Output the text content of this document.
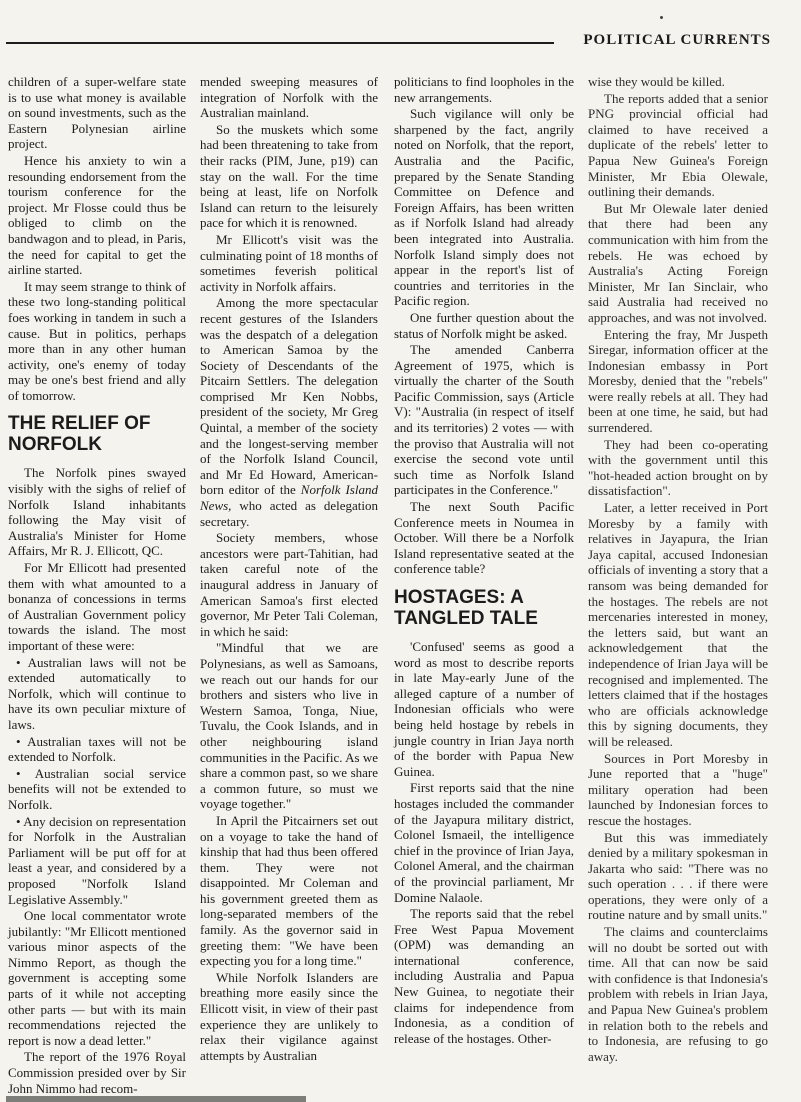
POLITICAL CURRENTS

children of a super-welfare state is to use what money is available on sound investments, such as the Eastern Polynesian airline project.

Hence his anxiety to win a resounding endorsement from the tourism conference for the project. Mr Flosse could thus be obliged to climb on the bandwagon and to plead, in Paris, the need for capital to get the airline started.

It may seem strange to think of these two long-standing political foes working in tandem in such a cause. But in politics, perhaps more than in any other human activity, one's enemy of today may be one's best friend and ally of tomorrow.

THE RELIEF OF NORFOLK

The Norfolk pines swayed visibly with the sighs of relief of Norfolk Island inhabitants following the May visit of Australia's Minister for Home Affairs, Mr R. J. Ellicott, QC.

For Mr Ellicott had presented them with what amounted to a bonanza of concessions in terms of Australian Government policy towards the island. The most important of these were:

• Australian laws will not be extended automatically to Norfolk, which will continue to have its own peculiar mixture of laws.

• Australian taxes will not be extended to Norfolk.

• Australian social service benefits will not be extended to Norfolk.

• Any decision on representation for Norfolk in the Australian Parliament will be put off for at least a year, and considered by a proposed "Norfolk Island Legislative Assembly."

One local commentator wrote jubilantly: "Mr Ellicott mentioned various minor aspects of the Nimmo Report, as though the government is accepting some parts of it while not accepting other parts — but with its main recommendations rejected the report is now a dead letter."

The report of the 1976 Royal Commission presided over by Sir John Nimmo had recom-

mended sweeping measures of integration of Norfolk with the Australian mainland.

So the muskets which some had been threatening to take from their racks (PIM, June, p19) can stay on the wall. For the time being at least, life on Norfolk Island can return to the leisurely pace for which it is renowned.

Mr Ellicott's visit was the culminating point of 18 months of sometimes feverish political activity in Norfolk affairs.

Among the more spectacular recent gestures of the Islanders was the despatch of a delegation to American Samoa by the Society of Descendants of the Pitcairn Settlers. The delegation comprised Mr Ken Nobbs, president of the society, Mr Greg Quintal, a member of the society and the longest-serving member of the Norfolk Island Council, and Mr Ed Howard, American-born editor of the Norfolk Island News, who acted as delegation secretary.

Society members, whose ancestors were part-Tahitian, had taken careful note of the inaugural address in January of American Samoa's first elected governor, Mr Peter Tali Coleman, in which he said:

"Mindful that we are Polynesians, as well as Samoans, we reach out our hands for our brothers and sisters who live in Western Samoa, Tonga, Niue, Tuvalu, the Cook Islands, and in other neighbouring island communities in the Pacific. As we share a common past, so we share a common future, so must we voyage together."

In April the Pitcairners set out on a voyage to take the hand of kinship that had thus been offered them. They were not disappointed. Mr Coleman and his government greeted them as long-separated members of the family. As the governor said in greeting them: "We have been expecting you for a long time."

While Norfolk Islanders are breathing more easily since the Ellicott visit, in view of their past experience they are unlikely to relax their vigilance against attempts by Australian

politicians to find loopholes in the new arrangements.

Such vigilance will only be sharpened by the fact, angrily noted on Norfolk, that the report, Australia and the Pacific, prepared by the Senate Standing Committee on Defence and Foreign Affairs, has been written as if Norfolk Island had already been integrated into Australia. Norfolk Island simply does not appear in the report's list of countries and territories in the Pacific region.

One further question about the status of Norfolk might be asked.

The amended Canberra Agreement of 1975, which is virtually the charter of the South Pacific Commission, says (Article V): "Australia (in respect of itself and its territories) 2 votes — with the proviso that Australia will not exercise the second vote until such time as Norfolk Island participates in the Conference."

The next South Pacific Conference meets in Noumea in October. Will there be a Norfolk Island representative seated at the conference table?

HOSTAGES: A TANGLED TALE

'Confused' seems as good a word as most to describe reports in late May-early June of the alleged capture of a number of Indonesian officials who were being held hostage by rebels in jungle country in Irian Jaya north of the border with Papua New Guinea.

First reports said that the nine hostages included the commander of the Jayapura military district, Colonel Ismaeil, the intelligence chief in the province of Irian Jaya, Colonel Ameral, and the chairman of the provincial parliament, Mr Domine Nalaole.

The reports said that the rebel Free West Papua Movement (OPM) was demanding an international conference, including Australia and Papua New Guinea, to negotiate their claims for independence from Indonesia, as a condition of release of the hostages. Other-

wise they would be killed.

The reports added that a senior PNG provincial official had claimed to have received a duplicate of the rebels' letter to Papua New Guinea's Foreign Minister, Mr Ebia Olewale, outlining their demands.

But Mr Olewale later denied that there had been any communication with him from the rebels. He was echoed by Australia's Acting Foreign Minister, Mr Ian Sinclair, who said Australia had received no approaches, and was not involved.

Entering the fray, Mr Juspeth Siregar, information officer at the Indonesian embassy in Port Moresby, denied that the "rebels" were really rebels at all. They had been at one time, he said, but had surrendered.

They had been co-operating with the government until this "hot-headed action brought on by dissatisfaction".

Later, a letter received in Port Moresby by a family with relatives in Jayapura, the Irian Jaya capital, accused Indonesian officials of inventing a story that a ransom was being demanded for the hostages. The rebels are not mercenaries interested in money, the letters said, but want an acknowledgement that the independence of Irian Jaya will be recognised and implemented. The letters claimed that if the hostages who are officials acknowledge this by signing documents, they will be released.

Sources in Port Moresby in June reported that a "huge" military operation had been launched by Indonesian forces to rescue the hostages.

But this was immediately denied by a military spokesman in Jakarta who said: "There was no such operation . . . if there were operations, they were only of a routine nature and by small units."

The claims and counterclaims will no doubt be sorted out with time. All that can now be said with confidence is that Indonesia's problem with rebels in Irian Jaya, and Papua New Guinea's problem in relation both to the rebels and to Indonesia, are refusing to go away.
